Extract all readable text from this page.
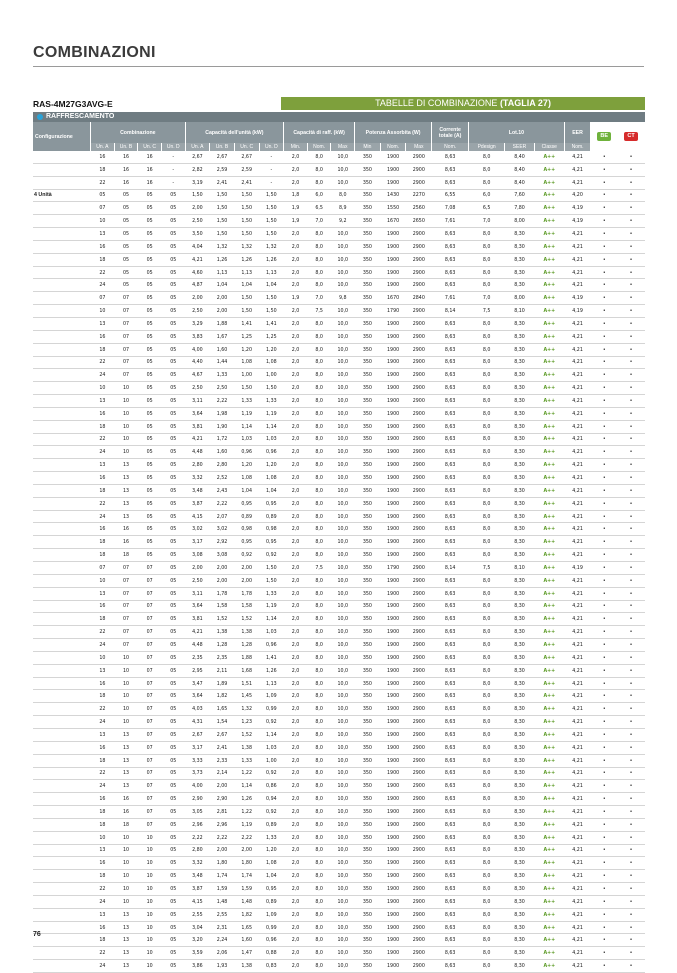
COMBINAZIONI
RAS-4M27G3AVG-E	TABELLE DI COMBINAZIONE (TAGLIA 27)
RAFFRESCAMENTO
Configurazione	Combinazione				Capacità dell'unità (kW)				Capacità di raff. (kW)			Potenza Assorbita (W)			Corrente totale (A)	Lot.10			EER	BE	CT
	Un. A	Un. B	Un. C	Un. D	Un. A	Un. B	Un. C	Un. D	Min.	Nom.	Max	Min	Nom.	Max	Nom.	Pdesign	SEER	Classe	Nom.		
	16	16	16	-	2,67	2,67	2,67	-	2,0	8,0	10,0	350	1900	2900	8,63	8,0	8,40	A++	4,21	•	•
	18	16	16	-	2,82	2,59	2,59	-	2,0	8,0	10,0	350	1900	2900	8,63	8,0	8,40	A++	4,21	•	•
	22	16	16	-	3,19	2,41	2,41	-	2,0	8,0	10,0	350	1900	2900	8,63	8,0	8,40	A++	4,21	•	•
4 Unità	05	05	05	05	1,50	1,50	1,50	1,50	1,8	6,0	8,0	350	1430	2270	6,55	6,0	7,60	A++	4,20	•	•
	07	05	05	05	2,00	1,50	1,50	1,50	1,9	6,5	8,9	350	1550	2560	7,08	6,5	7,80	A++	4,19	•	•
	10	05	05	05	2,50	1,50	1,50	1,50	1,9	7,0	9,2	350	1670	2650	7,61	7,0	8,00	A++	4,19	•	•
	13	05	05	05	3,50	1,50	1,50	1,50	2,0	8,0	10,0	350	1900	2900	8,63	8,0	8,30	A++	4,21	•	•
	16	05	05	05	4,04	1,32	1,32	1,32	2,0	8,0	10,0	350	1900	2900	8,63	8,0	8,30	A++	4,21	•	•
	18	05	05	05	4,21	1,26	1,26	1,26	2,0	8,0	10,0	350	1900	2900	8,63	8,0	8,30	A++	4,21	•	•
	22	05	05	05	4,60	1,13	1,13	1,13	2,0	8,0	10,0	350	1900	2900	8,63	8,0	8,30	A++	4,21	•	•
	24	05	05	05	4,87	1,04	1,04	1,04	2,0	8,0	10,0	350	1900	2900	8,63	8,0	8,30	A++	4,21	•	•
	07	07	05	05	2,00	2,00	1,50	1,50	1,9	7,0	9,8	350	1670	2840	7,61	7,0	8,00	A++	4,19	•	•
	10	07	05	05	2,50	2,00	1,50	1,50	2,0	7,5	10,0	350	1790	2900	8,14	7,5	8,10	A++	4,19	•	•
	13	07	05	05	3,29	1,88	1,41	1,41	2,0	8,0	10,0	350	1900	2900	8,63	8,0	8,30	A++	4,21	•	•
	16	07	05	05	3,83	1,67	1,25	1,25	2,0	8,0	10,0	350	1900	2900	8,63	8,0	8,30	A++	4,21	•	•
	18	07	05	05	4,00	1,60	1,20	1,20	2,0	8,0	10,0	350	1900	2900	8,63	8,0	8,30	A++	4,21	•	•
	22	07	05	05	4,40	1,44	1,08	1,08	2,0	8,0	10,0	350	1900	2900	8,63	8,0	8,30	A++	4,21	•	•
	24	07	05	05	4,67	1,33	1,00	1,00	2,0	8,0	10,0	350	1900	2900	8,63	8,0	8,30	A++	4,21	•	•
	10	10	05	05	2,50	2,50	1,50	1,50	2,0	8,0	10,0	350	1900	2900	8,63	8,0	8,30	A++	4,21	•	•
	13	10	05	05	3,11	2,22	1,33	1,33	2,0	8,0	10,0	350	1900	2900	8,63	8,0	8,30	A++	4,21	•	•
	16	10	05	05	3,64	1,98	1,19	1,19	2,0	8,0	10,0	350	1900	2900	8,63	8,0	8,30	A++	4,21	•	•
	18	10	05	05	3,81	1,90	1,14	1,14	2,0	8,0	10,0	350	1900	2900	8,63	8,0	8,30	A++	4,21	•	•
	22	10	05	05	4,21	1,72	1,03	1,03	2,0	8,0	10,0	350	1900	2900	8,63	8,0	8,30	A++	4,21	•	•
	24	10	05	05	4,48	1,60	0,96	0,96	2,0	8,0	10,0	350	1900	2900	8,63	8,0	8,30	A++	4,21	•	•
	13	13	05	05	2,80	2,80	1,20	1,20	2,0	8,0	10,0	350	1900	2900	8,63	8,0	8,30	A++	4,21	•	•
	16	13	05	05	3,32	2,52	1,08	1,08	2,0	8,0	10,0	350	1900	2900	8,63	8,0	8,30	A++	4,21	•	•
	18	13	05	05	3,48	2,43	1,04	1,04	2,0	8,0	10,0	350	1900	2900	8,63	8,0	8,30	A++	4,21	•	•
	22	13	05	05	3,87	2,22	0,95	0,95	2,0	8,0	10,0	350	1900	2900	8,63	8,0	8,30	A++	4,21	•	•
	24	13	05	05	4,15	2,07	0,89	0,89	2,0	8,0	10,0	350	1900	2900	8,63	8,0	8,30	A++	4,21	•	•
	16	16	05	05	3,02	3,02	0,98	0,98	2,0	8,0	10,0	350	1900	2900	8,63	8,0	8,30	A++	4,21	•	•
	18	16	05	05	3,17	2,92	0,95	0,95	2,0	8,0	10,0	350	1900	2900	8,63	8,0	8,30	A++	4,21	•	•
	18	18	05	05	3,08	3,08	0,92	0,92	2,0	8,0	10,0	350	1900	2900	8,63	8,0	8,30	A++	4,21	•	•
	07	07	07	05	2,00	2,00	2,00	1,50	2,0	7,5	10,0	350	1790	2900	8,14	7,5	8,10	A++	4,19	•	•
	10	07	07	05	2,50	2,00	2,00	1,50	2,0	8,0	10,0	350	1900	2900	8,63	8,0	8,30	A++	4,21	•	•
	13	07	07	05	3,11	1,78	1,78	1,33	2,0	8,0	10,0	350	1900	2900	8,63	8,0	8,30	A++	4,21	•	•
	16	07	07	05	3,64	1,58	1,58	1,19	2,0	8,0	10,0	350	1900	2900	8,63	8,0	8,30	A++	4,21	•	•
	18	07	07	05	3,81	1,52	1,52	1,14	2,0	8,0	10,0	350	1900	2900	8,63	8,0	8,30	A++	4,21	•	•
	22	07	07	05	4,21	1,38	1,38	1,03	2,0	8,0	10,0	350	1900	2900	8,63	8,0	8,30	A++	4,21	•	•
	24	07	07	05	4,48	1,28	1,28	0,96	2,0	8,0	10,0	350	1900	2900	8,63	8,0	8,30	A++	4,21	•	•
	10	10	07	05	2,35	2,35	1,88	1,41	2,0	8,0	10,0	350	1900	2900	8,63	8,0	8,30	A++	4,21	•	•
	13	10	07	05	2,95	2,11	1,68	1,26	2,0	8,0	10,0	350	1900	2900	8,63	8,0	8,30	A++	4,21	•	•
	16	10	07	05	3,47	1,89	1,51	1,13	2,0	8,0	10,0	350	1900	2900	8,63	8,0	8,30	A++	4,21	•	•
	18	10	07	05	3,64	1,82	1,45	1,09	2,0	8,0	10,0	350	1900	2900	8,63	8,0	8,30	A++	4,21	•	•
	22	10	07	05	4,03	1,65	1,32	0,99	2,0	8,0	10,0	350	1900	2900	8,63	8,0	8,30	A++	4,21	•	•
	24	10	07	05	4,31	1,54	1,23	0,92	2,0	8,0	10,0	350	1900	2900	8,63	8,0	8,30	A++	4,21	•	•
	13	13	07	05	2,67	2,67	1,52	1,14	2,0	8,0	10,0	350	1900	2900	8,63	8,0	8,30	A++	4,21	•	•
	16	13	07	05	3,17	2,41	1,38	1,03	2,0	8,0	10,0	350	1900	2900	8,63	8,0	8,30	A++	4,21	•	•
	18	13	07	05	3,33	2,33	1,33	1,00	2,0	8,0	10,0	350	1900	2900	8,63	8,0	8,30	A++	4,21	•	•
	22	13	07	05	3,73	2,14	1,22	0,92	2,0	8,0	10,0	350	1900	2900	8,63	8,0	8,30	A++	4,21	•	•
	24	13	07	05	4,00	2,00	1,14	0,86	2,0	8,0	10,0	350	1900	2900	8,63	8,0	8,30	A++	4,21	•	•
	16	16	07	05	2,90	2,90	1,26	0,94	2,0	8,0	10,0	350	1900	2900	8,63	8,0	8,30	A++	4,21	•	•
	18	16	07	05	3,05	2,81	1,22	0,92	2,0	8,0	10,0	350	1900	2900	8,63	8,0	8,30	A++	4,21	•	•
	18	18	07	05	2,96	2,96	1,19	0,89	2,0	8,0	10,0	350	1900	2900	8,63	8,0	8,30	A++	4,21	•	•
	10	10	10	05	2,22	2,22	2,22	1,33	2,0	8,0	10,0	350	1900	2900	8,63	8,0	8,30	A++	4,21	•	•
	13	10	10	05	2,80	2,00	2,00	1,20	2,0	8,0	10,0	350	1900	2900	8,63	8,0	8,30	A++	4,21	•	•
	16	10	10	05	3,32	1,80	1,80	1,08	2,0	8,0	10,0	350	1900	2900	8,63	8,0	8,30	A++	4,21	•	•
	18	10	10	05	3,48	1,74	1,74	1,04	2,0	8,0	10,0	350	1900	2900	8,63	8,0	8,30	A++	4,21	•	•
	22	10	10	05	3,87	1,59	1,59	0,95	2,0	8,0	10,0	350	1900	2900	8,63	8,0	8,30	A++	4,21	•	•
	24	10	10	05	4,15	1,48	1,48	0,89	2,0	8,0	10,0	350	1900	2900	8,63	8,0	8,30	A++	4,21	•	•
	13	13	10	05	2,55	2,55	1,82	1,09	2,0	8,0	10,0	350	1900	2900	8,63	8,0	8,30	A++	4,21	•	•
	16	13	10	05	3,04	2,31	1,65	0,99	2,0	8,0	10,0	350	1900	2900	8,63	8,0	8,30	A++	4,21	•	•
	18	13	10	05	3,20	2,24	1,60	0,96	2,0	8,0	10,0	350	1900	2900	8,63	8,0	8,30	A++	4,21	•	•
	22	13	10	05	3,59	2,06	1,47	0,88	2,0	8,0	10,0	350	1900	2900	8,63	8,0	8,30	A++	4,21	•	•
	24	13	10	05	3,86	1,93	1,38	0,83	2,0	8,0	10,0	350	1900	2900	8,63	8,0	8,30	A++	4,21	•	•
76
